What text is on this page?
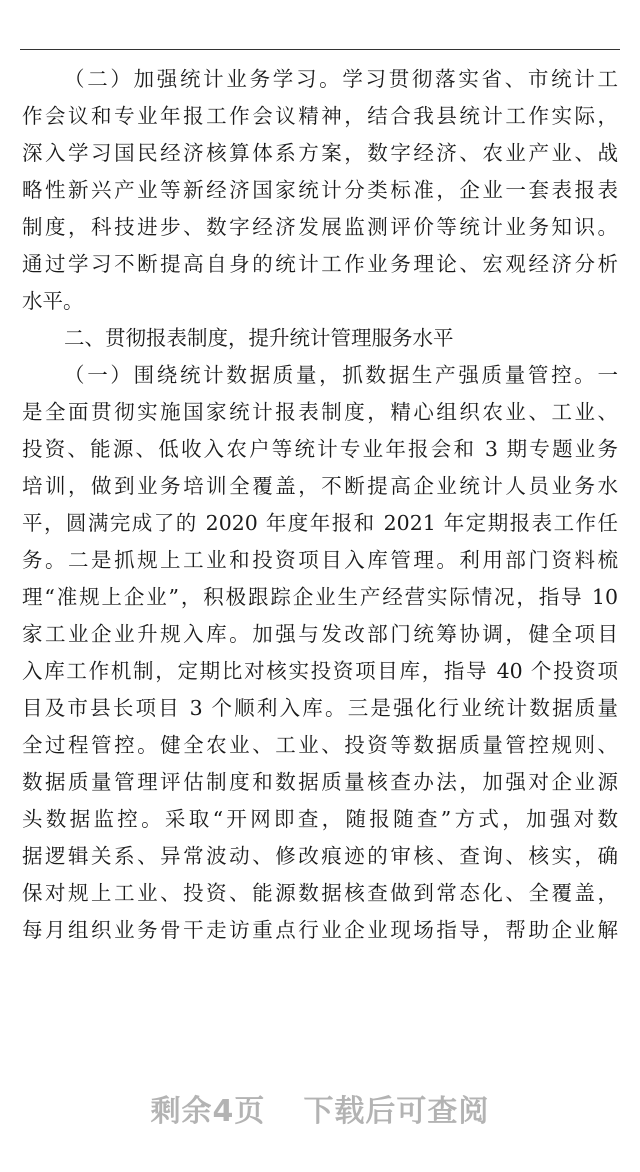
（二）加强统计业务学习。学习贯彻落实省、市统计工
作会议和专业年报工作会议精神，结合我县统计工作实际，
深入学习国民经济核算体系方案，数字经济、农业产业、战
略性新兴产业等新经济国家统计分类标准，企业一套表报表
制度，科技进步、数字经济发展监测评价等统计业务知识。
通过学习不断提高自身的统计工作业务理论、宏观经济分析
水平。
二、贯彻报表制度，提升统计管理服务水平
（一）围绕统计数据质量，抓数据生产强质量管控。一
是全面贯彻实施国家统计报表制度，精心组织农业、工业、
投资、能源、低收入农户等统计专业年报会和 3 期专题业务
培训，做到业务培训全覆盖，不断提高企业统计人员业务水
平，圆满完成了的 2020 年度年报和 2021 年定期报表工作任
务。二是抓规上工业和投资项目入库管理。利用部门资料梳
理“准规上企业”，积极跟踪企业生产经营实际情况，指导 10
家工业企业升规入库。加强与发改部门统筹协调，健全项目
入库工作机制，定期比对核实投资项目库，指导 40 个投资项
目及市县长项目 3 个顺利入库。三是强化行业统计数据质量
全过程管控。健全农业、工业、投资等数据质量管控规则、
数据质量管理评估制度和数据质量核查办法，加强对企业源
头数据监控。采取“开网即查，随报随查”方式，加强对数
据逻辑关系、异常波动、修改痕迹的审核、查询、核实，确
保对规上工业、投资、能源数据核查做到常态化、全覆盖，
每月组织业务骨干走访重点行业企业现场指导，帮助企业解
剩余4页 下载后可查阅
